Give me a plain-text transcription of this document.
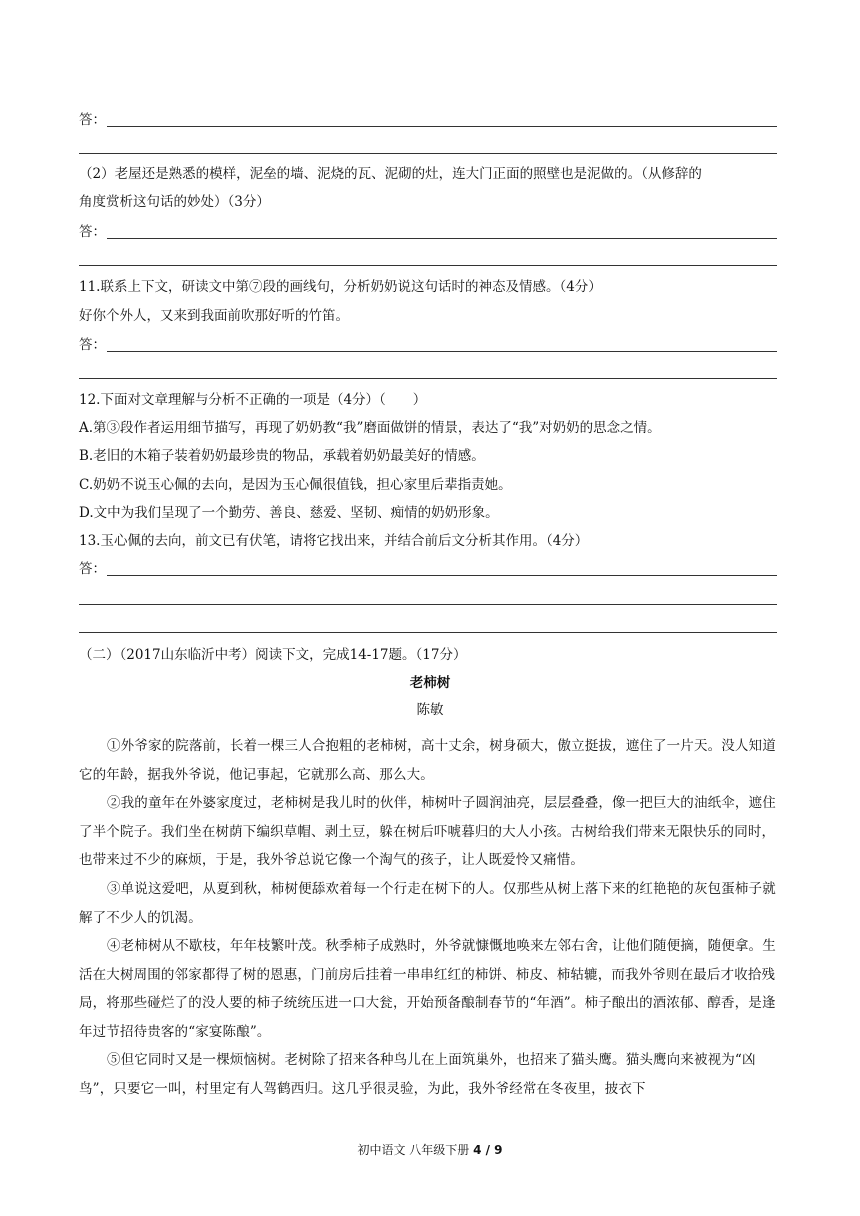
答：
（2）老屋还是熟悉的模样，泥垒的墙、泥烧的瓦、泥砌的灶，连大门正面的照壁也是泥做的。（从修辞的
角度赏析这句话的妙处）（3分）
答：
11.联系上下文，研读文中第⑦段的画线句，分析奶奶说这句话时的神态及情感。（4分）
好你个外人，又来到我面前吹那好听的竹笛。
答：
12.下面对文章理解与分析不正确的一项是（4分）（　　）
A.第③段作者运用细节描写，再现了奶奶教“我”磨面做饼的情景，表达了“我”对奶奶的思念之情。
B.老旧的木箱子装着奶奶最珍贵的物品，承载着奶奶最美好的情感。
C.奶奶不说玉心佩的去向，是因为玉心佩很值钱，担心家里后辈指责她。
D.文中为我们呈现了一个勤劳、善良、慈爱、坚韧、痴情的奶奶形象。
13.玉心佩的去向，前文已有伏笔，请将它找出来，并结合前后文分析其作用。（4分）
答：
（二）（2017山东临沂中考）阅读下文，完成14-17题。（17分）
老柿树
陈敏
①外爷家的院落前，长着一棵三人合抱粗的老柿树，高十丈余，树身硕大，傲立挺拔，遮住了一片天。没人知道它的年龄，据我外爷说，他记事起，它就那么高、那么大。
②我的童年在外婆家度过，老柿树是我儿时的伙伴，柿树叶子圆润油亮，层层叠叠，像一把巨大的油纸伞，遮住了半个院子。我们坐在树荫下编织草帽、剥土豆，躲在树后吓唬暮归的大人小孩。古树给我们带来无限快乐的同时，也带来过不少的麻烦，于是，我外爷总说它像一个淘气的孩子，让人既爱怜又痛惜。
③单说这爱吧，从夏到秋，柿树便舔欢着每一个行走在树下的人。仅那些从树上落下来的红艳艳的灰包蛋柿子就解了不少人的饥渴。
④老柿树从不歇枝，年年枝繁叶茂。秋季柿子成熟时，外爷就慷慨地唤来左邻右舍，让他们随便摘，随便拿。生活在大树周围的邻家都得了树的恩惠，门前房后挂着一串串红红的柿饼、柿皮、柿轱辘，而我外爷则在最后才收拾残局，将那些碰烂了的没人要的柿子统统压进一口大瓮，开始预备酿制春节的“年酒”。柿子酿出的酒浓郁、醇香，是逢年过节招待贵客的“家宴陈酿”。
⑤但它同时又是一棵烦恼树。老树除了招来各种鸟儿在上面筑巢外，也招来了猫头鹰。猫头鹰向来被视为“凶鸟”，只要它一叫，村里定有人驾鹤西归。这几乎很灵验，为此，我外爷经常在冬夜里，披衣下
初中语文 八年级下册 4 / 9
